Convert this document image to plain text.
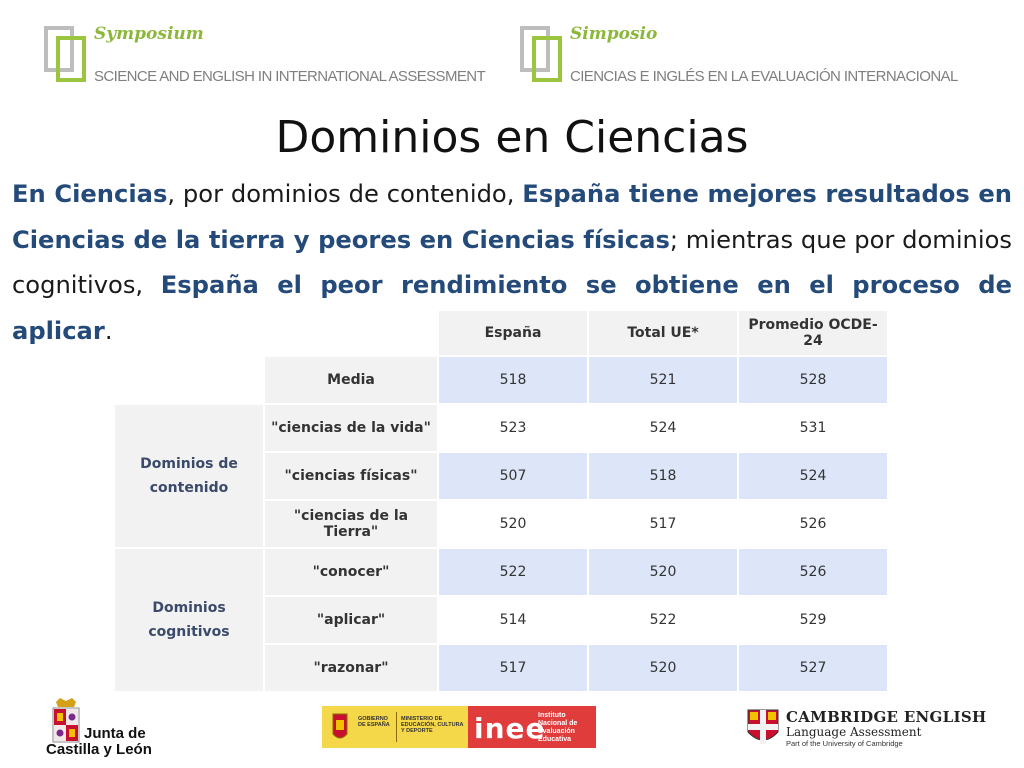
Symposium
SCIENCE AND ENGLISH IN INTERNATIONAL ASSESSMENT
Simposio
CIENCIAS E INGLÉS EN LA EVALUACIÓN INTERNACIONAL
Dominios en Ciencias
En Ciencias, por dominios de contenido, España tiene mejores resultados en Ciencias de la tierra y peores en Ciencias físicas; mientras que por dominios cognitivos, España el peor rendimiento se obtiene en el proceso de aplicar.
			España	Total UE*	Promedio OCDE-24
	Media	518	521	528
Dominios de contenido	"ciencias de la vida"	523	524	531
	"ciencias físicas"	507	518	524
	"ciencias de la Tierra"	520	517	526
Dominios cognitivos	"conocer"	522	520	526
	"aplicar"	514	522	529
	"razonar"	517	520	527
Junta de
Castilla y León
GOBIERNO DE ESPAÑA
MINISTERIO DE EDUCACIÓN, CULTURA Y DEPORTE	inee
Instituto Nacional de Evaluación Educativa
CAMBRIDGE ENGLISH
Language Assessment
Part of the University of Cambridge
